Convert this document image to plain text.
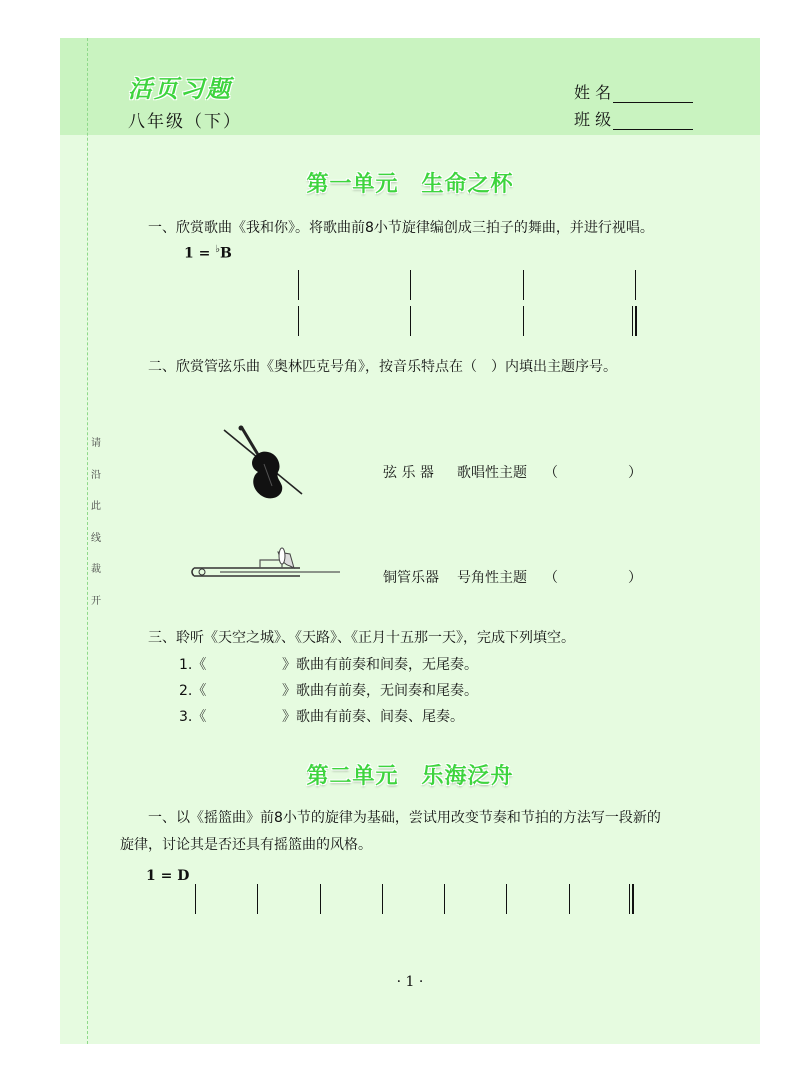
请
沿
此
线
裁
开
活页习题
八年级（下）
姓 名
班 级
第一单元　生命之杯
一、欣赏歌曲《我和你》。将歌曲前8小节旋律编创成三拍子的舞曲，并进行视唱。
1 = ♭B
二、欣赏管弦乐曲《奥林匹克号角》，按音乐特点在（　）内填出主题序号。
弦 乐 器 歌唱性主题 （　　　　　）
铜管乐器 号角性主题 （　　　　　）
三、聆听《天空之城》、《天路》、《正月十五那一天》，完成下列填空。
1.《	》歌曲有前奏和间奏，无尾奏。
2.《	》歌曲有前奏，无间奏和尾奏。
3.《	》歌曲有前奏、间奏、尾奏。
第二单元　乐海泛舟
一、以《摇篮曲》前8小节的旋律为基础，尝试用改变节奏和节拍的方法写一段新的
旋律，讨论其是否还具有摇篮曲的风格。
1 = D
· 1 ·
